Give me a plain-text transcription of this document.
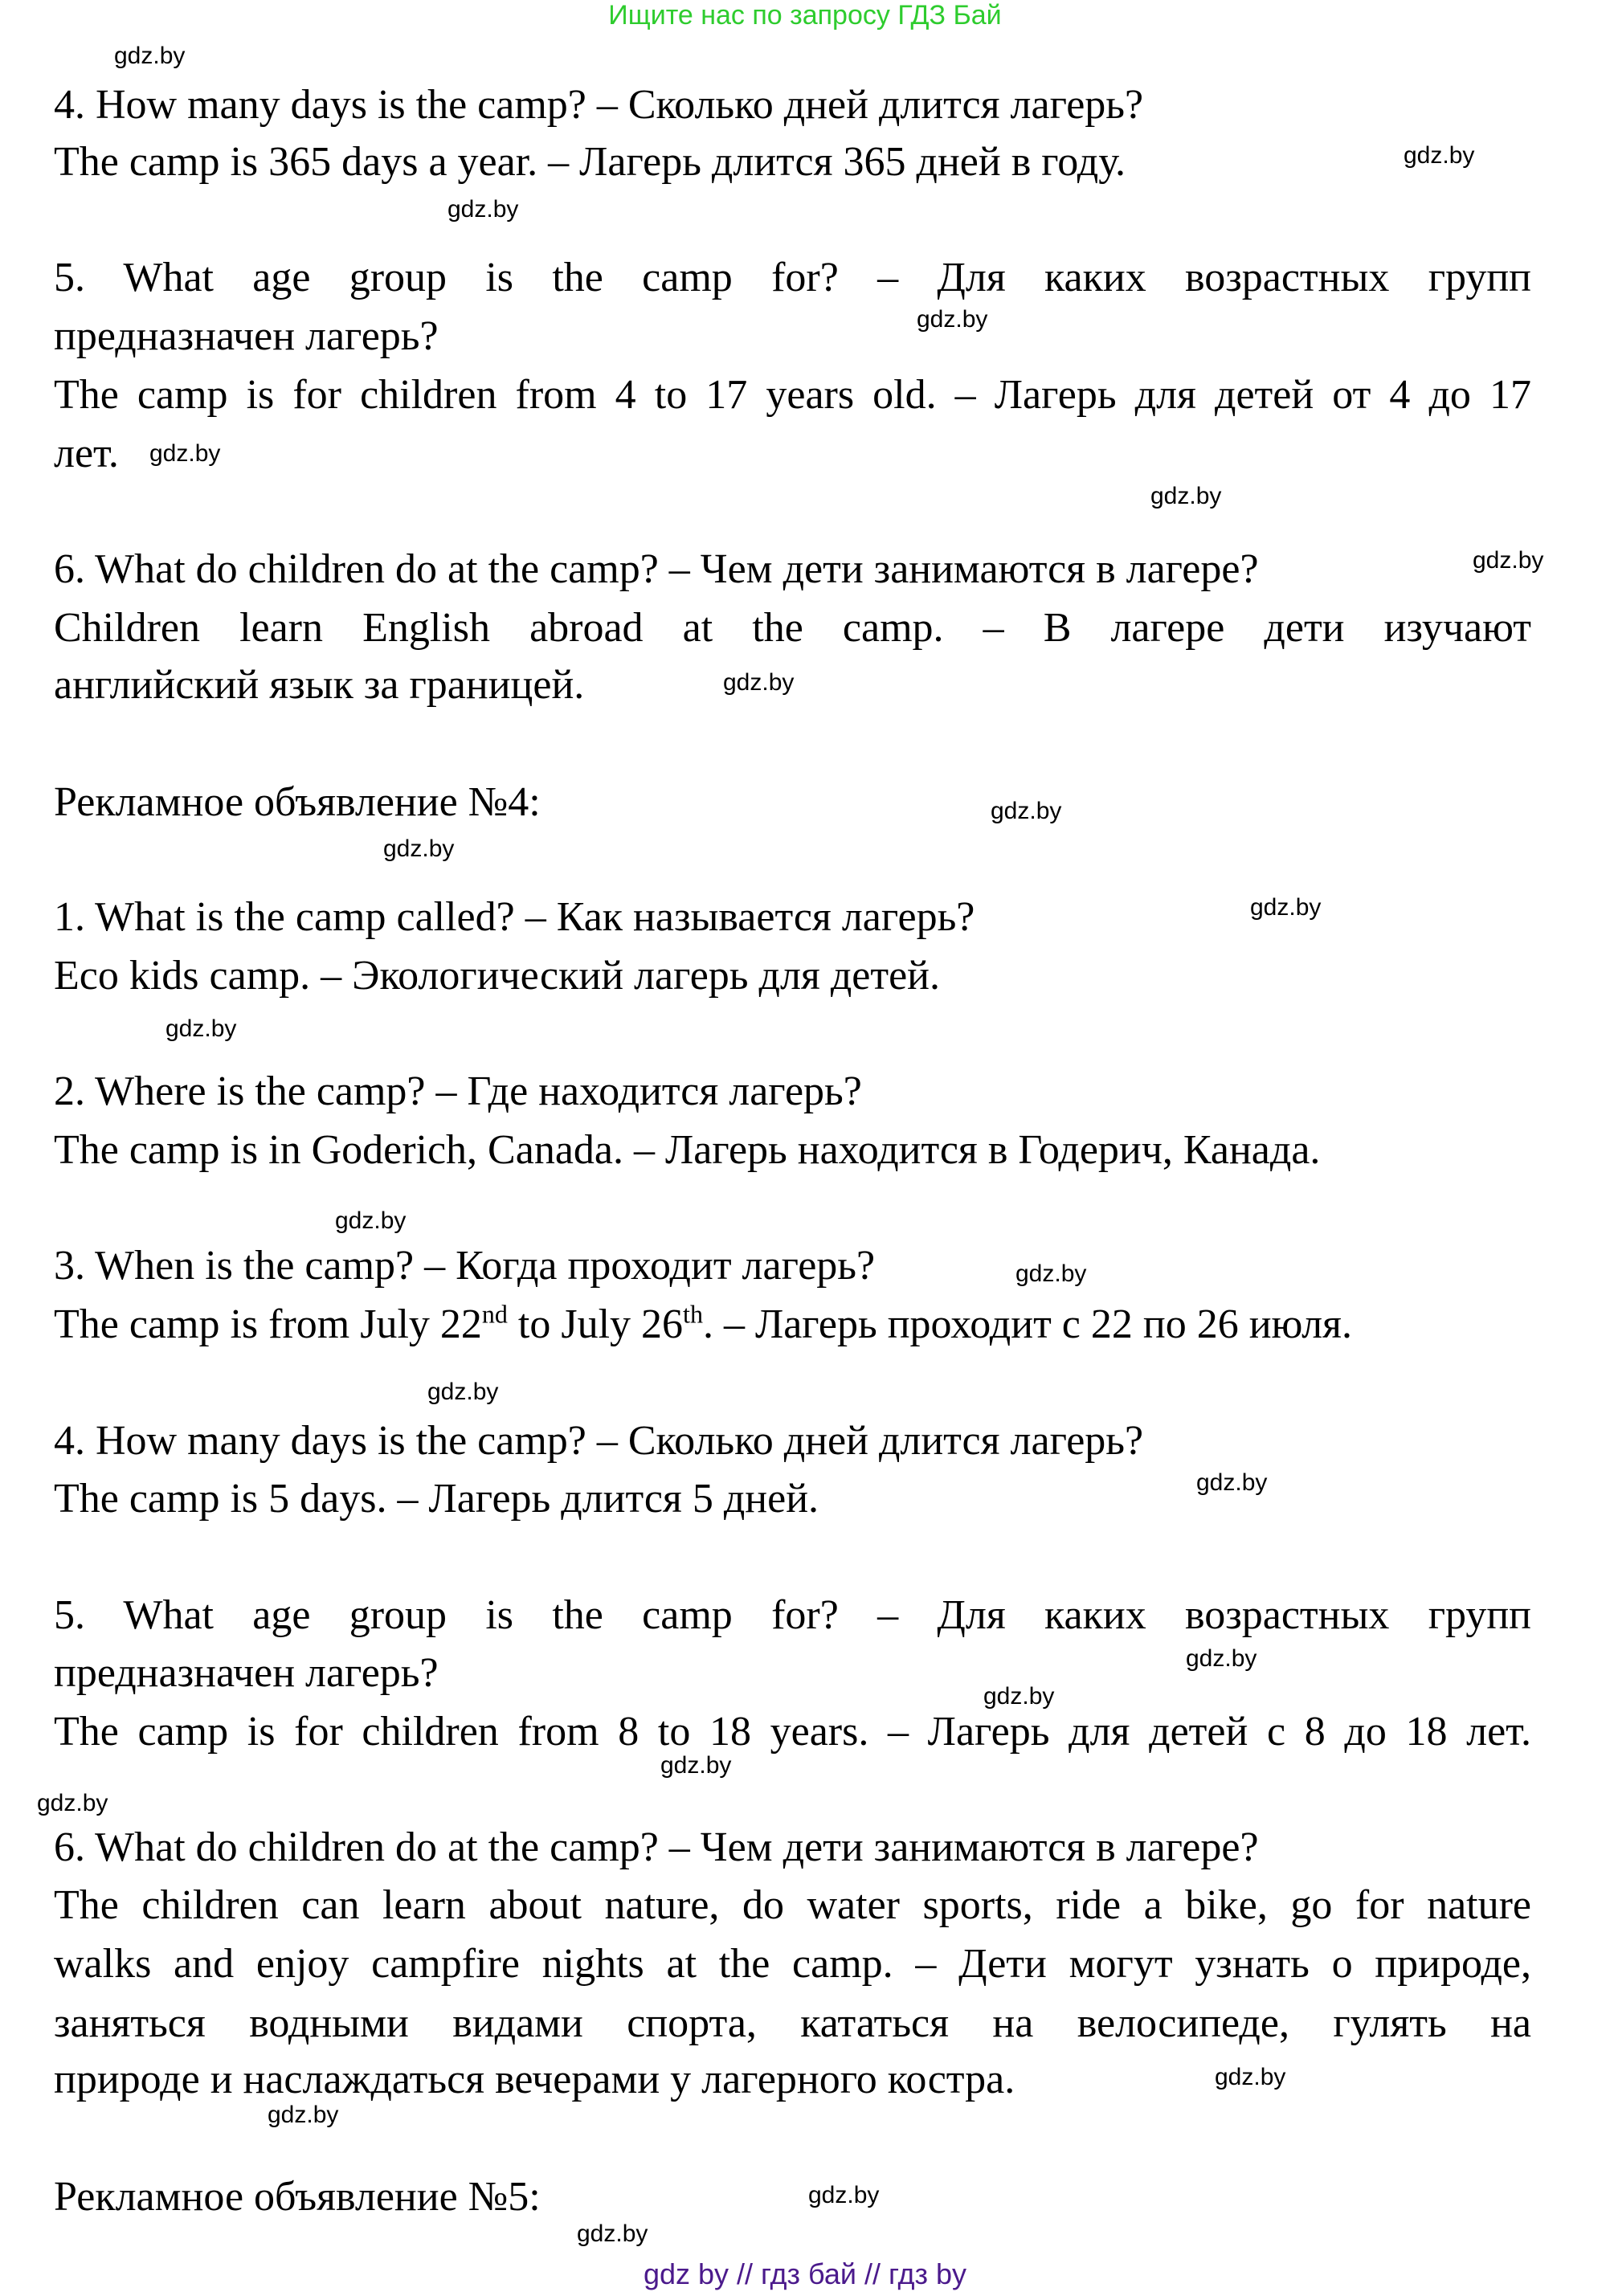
Ищите нас по запросу ГДЗ Бай
4. How many days is the camp? – Сколько дней длится лагерь?
The camp is 365 days a year. – Лагерь длится 365 дней в году.
5. What age group is the camp for? – Для каких возрастных групп
предназначен лагерь?
The camp is for children from 4 to 17 years old. – Лагерь для детей от 4 до 17
лет.
6. What do children do at the camp? – Чем дети занимаются в лагере?
Children learn English abroad at the camp. – В лагере дети изучают
английский язык за границей.
Рекламное объявление №4:
1. What is the camp called? – Как называется лагерь?
Eco kids camp. – Экологический лагерь для детей.
2. Where is the camp? – Где находится лагерь?
The camp is in Goderich, Canada. – Лагерь находится в Годерич, Канада.
3. When is the camp? – Когда проходит лагерь?
The camp is from July 22nd to July 26th. – Лагерь проходит с 22 по 26 июля.
4. How many days is the camp? – Сколько дней длится лагерь?
The camp is 5 days. – Лагерь длится 5 дней.
5. What age group is the camp for? – Для каких возрастных групп
предназначен лагерь?
The camp is for children from 8 to 18 years. – Лагерь для детей с 8 до 18 лет.
6. What do children do at the camp? – Чем дети занимаются в лагере?
The children can learn about nature, do water sports, ride a bike, go for nature
walks and enjoy campfire nights at the camp. – Дети могут узнать о природе,
заняться водными видами спорта, кататься на велосипеде, гулять на
природе и наслаждаться вечерами у лагерного костра.
Рекламное объявление №5:
gdz.by
gdz.by
gdz.by
gdz.by
gdz.by
gdz.by
gdz.by
gdz.by
gdz.by
gdz.by
gdz.by
gdz.by
gdz.by
gdz.by
gdz.by
gdz.by
gdz.by
gdz.by
gdz.by
gdz.by
gdz.by
gdz.by
gdz.by
gdz.by
gdz by // гдз бай // гдз by
